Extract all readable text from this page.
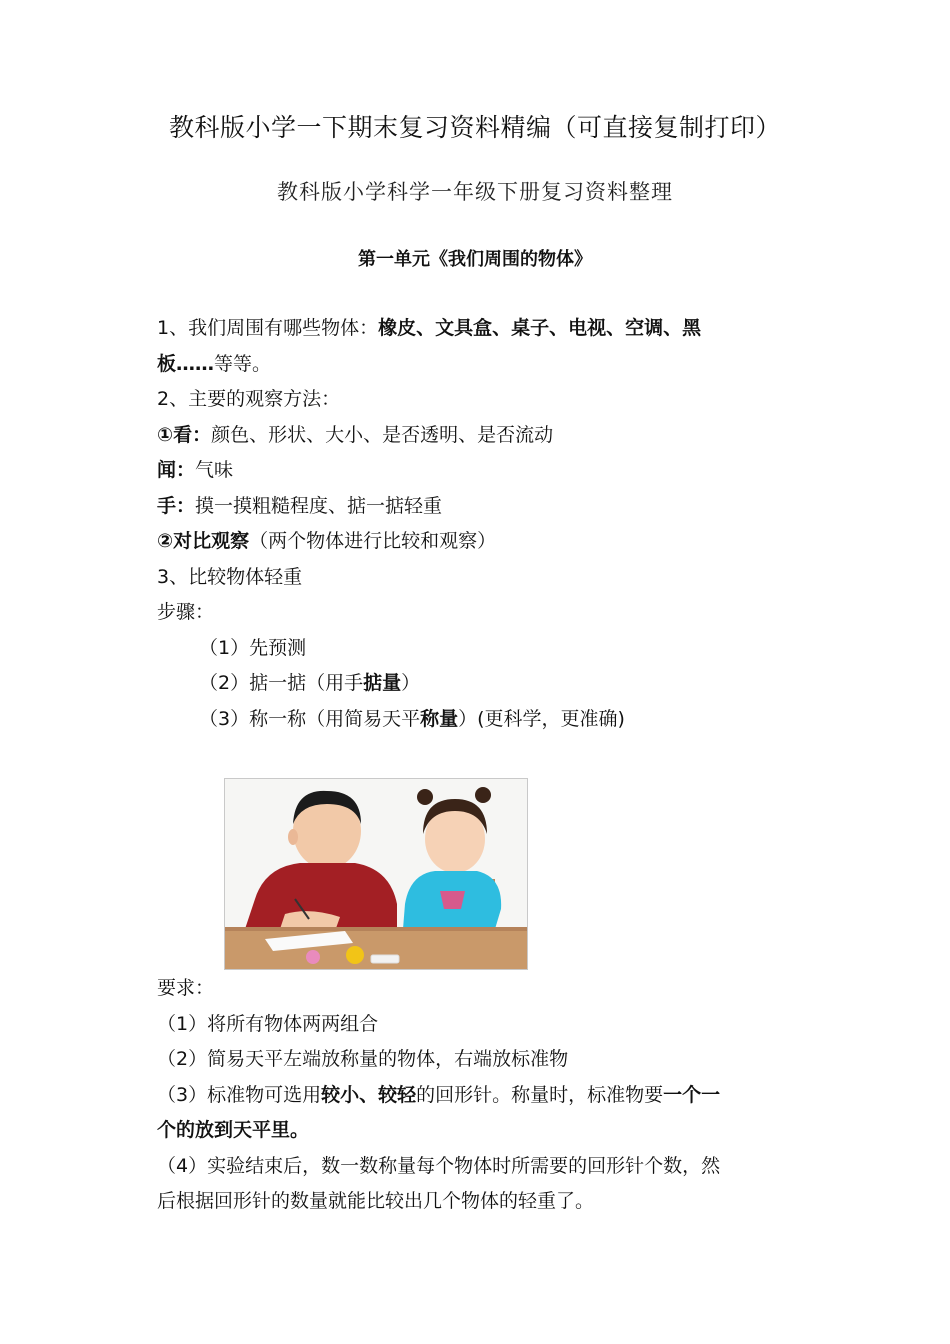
教科版小学一下期末复习资料精编（可直接复制打印）
教科版小学科学一年级下册复习资料整理
第一单元《我们周围的物体》
1、我们周围有哪些物体：橡皮、文具盒、桌子、电视、空调、黑
板……等等。
2、主要的观察方法：
①看：颜色、形状、大小、是否透明、是否流动
闻：气味
手：摸一摸粗糙程度、掂一掂轻重
②对比观察（两个物体进行比较和观察）
3、比较物体轻重
步骤：
（1）先预测
（2）掂一掂（用手掂量）
（3）称一称（用简易天平称量）(更科学，更准确)
要求：
（1）将所有物体两两组合
（2）简易天平左端放称量的物体，右端放标准物
（3）标准物可选用较小、较轻的回形针。称量时，标准物要一个一
个的放到天平里。
（4）实验结束后，数一数称量每个物体时所需要的回形针个数，然
后根据回形针的数量就能比较出几个物体的轻重了。
